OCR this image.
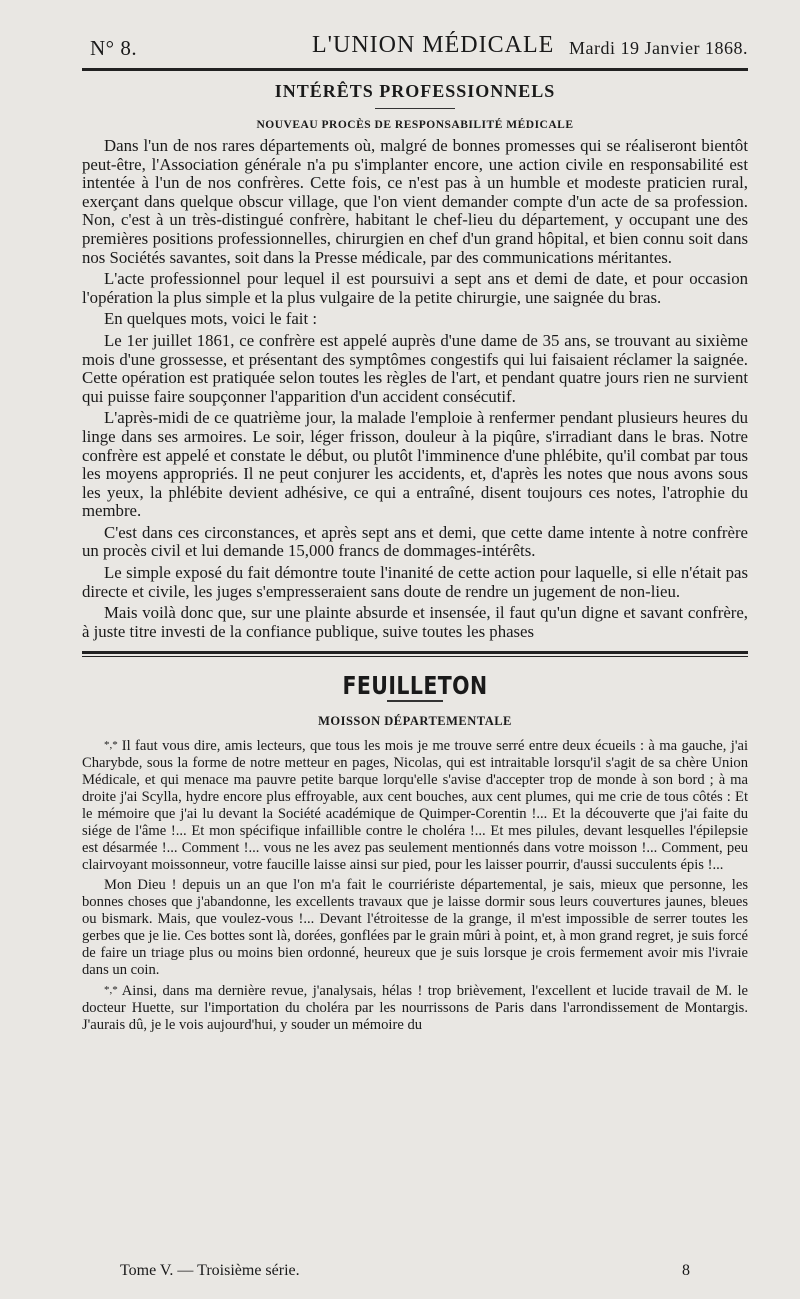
N° 8.	L'UNION MÉDICALE Mardi 19 Janvier 1868.
INTÉRÊTS PROFESSIONNELS
NOUVEAU PROCÈS DE RESPONSABILITÉ MÉDICALE

Dans l'un de nos rares départements où, malgré de bonnes promesses qui se réaliseront bientôt peut-être, l'Association générale n'a pu s'implanter encore, une action civile en responsabilité est intentée à l'un de nos confrères. Cette fois, ce n'est pas à un humble et modeste praticien rural, exerçant dans quelque obscur village, que l'on vient demander compte d'un acte de sa profession. Non, c'est à un très-distingué confrère, habitant le chef-lieu du département, y occupant une des premières positions professionnelles, chirurgien en chef d'un grand hôpital, et bien connu soit dans nos Sociétés savantes, soit dans la Presse médicale, par des communications méritantes.

L'acte professionnel pour lequel il est poursuivi a sept ans et demi de date, et pour occasion l'opération la plus simple et la plus vulgaire de la petite chirurgie, une saignée du bras.

En quelques mots, voici le fait :

Le 1er juillet 1861, ce confrère est appelé auprès d'une dame de 35 ans, se trouvant au sixième mois d'une grossesse, et présentant des symptômes congestifs qui lui faisaient réclamer la saignée. Cette opération est pratiquée selon toutes les règles de l'art, et pendant quatre jours rien ne survient qui puisse faire soupçonner l'apparition d'un accident consécutif.

L'après-midi de ce quatrième jour, la malade l'emploie à renfermer pendant plusieurs heures du linge dans ses armoires. Le soir, léger frisson, douleur à la piqûre, s'irradiant dans le bras. Notre confrère est appelé et constate le début, ou plutôt l'imminence d'une phlébite, qu'il combat par tous les moyens appropriés. Il ne peut conjurer les accidents, et, d'après les notes que nous avons sous les yeux, la phlébite devient adhésive, ce qui a entraîné, disent toujours ces notes, l'atrophie du membre.

C'est dans ces circonstances, et après sept ans et demi, que cette dame intente à notre confrère un procès civil et lui demande 15,000 francs de dommages-intérêts.

Le simple exposé du fait démontre toute l'inanité de cette action pour laquelle, si elle n'était pas directe et civile, les juges s'empresseraient sans doute de rendre un jugement de non-lieu.

Mais voilà donc que, sur une plainte absurde et insensée, il faut qu'un digne et savant confrère, à juste titre investi de la confiance publique, suive toutes les phases

FEUILLETON
MOISSON DÉPARTEMENTALE

*,* Il faut vous dire, amis lecteurs, que tous les mois je me trouve serré entre deux écueils : à ma gauche, j'ai Charybde, sous la forme de notre metteur en pages, Nicolas, qui est intraitable lorsqu'il s'agit de sa chère Union Médicale, et qui menace ma pauvre petite barque lorqu'elle s'avise d'accepter trop de monde à son bord ; à ma droite j'ai Scylla, hydre encore plus effroyable, aux cent bouches, aux cent plumes, qui me crie de tous côtés : Et le mémoire que j'ai lu devant la Société académique de Quimper-Corentin !... Et la découverte que j'ai faite du siége de l'âme !... Et mon spécifique infaillible contre le choléra !... Et mes pilules, devant lesquelles l'épilepsie est désarmée !... Comment !... vous ne les avez pas seulement mentionnés dans votre moisson !... Comment, peu clairvoyant moissonneur, votre faucille laisse ainsi sur pied, pour les laisser pourrir, d'aussi succulents épis !...

Mon Dieu ! depuis un an que l'on m'a fait le courriériste départemental, je sais, mieux que personne, les bonnes choses que j'abandonne, les excellents travaux que je laisse dormir sous leurs couvertures jaunes, bleues ou bismark. Mais, que voulez-vous !... Devant l'étroitesse de la grange, il m'est impossible de serrer toutes les gerbes que je lie. Ces bottes sont là, dorées, gonflées par le grain mûri à point, et, à mon grand regret, je suis forcé de faire un triage plus ou moins bien ordonné, heureux que je suis lorsque je crois fermement avoir mis l'ivraie dans un coin.

*,* Ainsi, dans ma dernière revue, j'analysais, hélas ! trop brièvement, l'excellent et lucide travail de M. le docteur Huette, sur l'importation du choléra par les nourrissons de Paris dans l'arrondissement de Montargis. J'aurais dû, je le vois aujourd'hui, y souder un mémoire du

Tome V. — Troisième série.	8
